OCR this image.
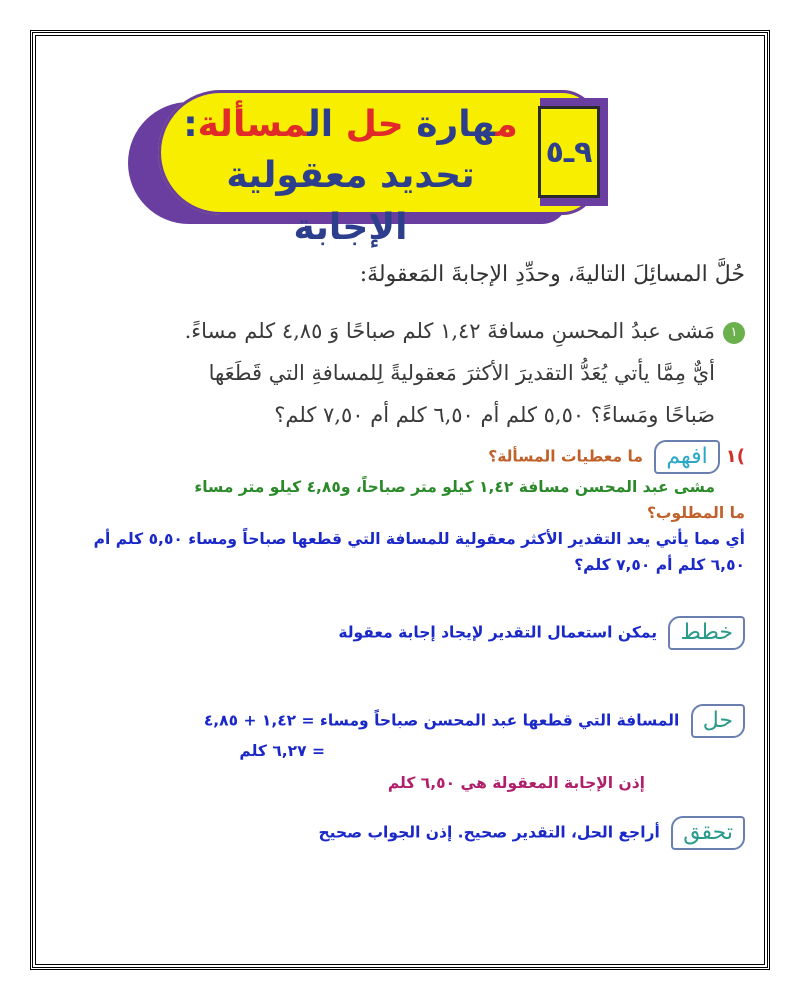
٩ـ٥
مهارة حل المسألة:
تحديد معقولية الإجابة
حُلَّ المسائِلَ التاليةَ، وحدِّدِ الإجابةَ المَعقولةَ:
١مَشى عبدُ المحسنِ مسافةَ ١,٤٢ كلم صباحًا وَ ٤,٨٥ كلم مساءً.
أيٌّ مِمَّا يأتي يُعَدُّ التقديرَ الأكثرَ مَعقوليةً لِلمسافةِ التي قَطَعَها
صَباحًا ومَساءً؟ ٥,٥٠ كلم أم ٦,٥٠ كلم أم ٧,٥٠ كلم؟
)١افهم ما معطيات المسألة؟
مشى عبد المحسن مسافة ١,٤٢ كيلو متر صباحاً، و٤,٨٥ كيلو متر مساء
ما المطلوب؟
أي مما يأتي يعد التقدير الأكثر معقولية للمسافة التي قطعها صباحاً ومساء ٥,٥٠ كلم أم
٦,٥٠ كلم أم ٧,٥٠ كلم؟
خطط يمكن استعمال التقدير لإيجاد إجابة معقولة
حل المسافة التي قطعها عبد المحسن صباحاً ومساء = ١,٤٢ + ٤,٨٥
= ٦,٢٧ كلم
إذن الإجابة المعقولة هي ٦,٥٠ كلم
تحقق أراجع الحل، التقدير صحيح. إذن الجواب صحيح
